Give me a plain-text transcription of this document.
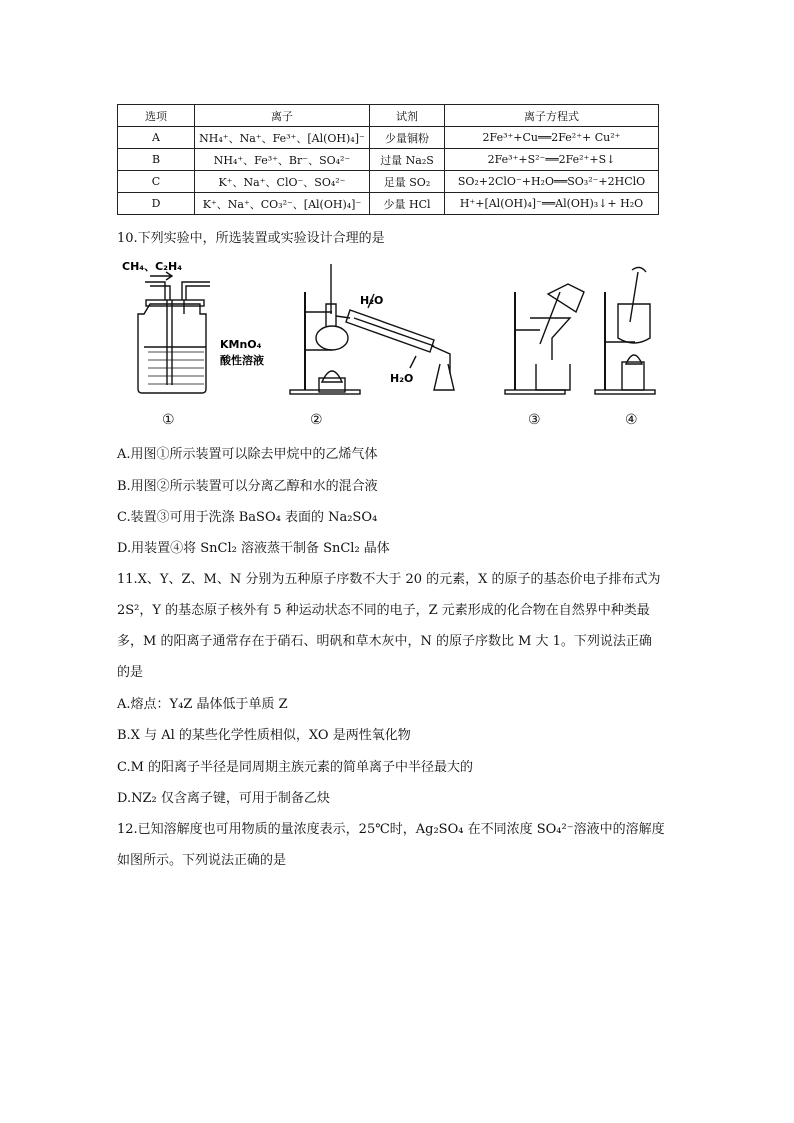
选项	离子	试剂	离子方程式
A	NH₄⁺、Na⁺、Fe³⁺、[Al(OH)₄]⁻	少量铜粉	2Fe³⁺+Cu══2Fe²⁺+ Cu²⁺
B	NH₄⁺、Fe³⁺、Br⁻、SO₄²⁻	过量 Na₂S	2Fe³⁺+S²⁻══2Fe²⁺+S↓
C	K⁺、Na⁺、ClO⁻、SO₄²⁻	足量 SO₂	SO₂+2ClO⁻+H₂O══SO₃²⁻+2HClO
D	K⁺、Na⁺、CO₃²⁻、[Al(OH)₄]⁻	少量 HCl	H⁺+[Al(OH)₄]⁻══Al(OH)₃↓+ H₂O
10.下列实验中，所选装置或实验设计合理的是
CH₄、C₂H₄
KMnO₄
酸性溶液
H₂O
H₂O
①	②	③	④
A.用图①所示装置可以除去甲烷中的乙烯气体
B.用图②所示装置可以分离乙醇和水的混合液
C.装置③可用于洗涤 BaSO₄ 表面的 Na₂SO₄
D.用装置④将 SnCl₂ 溶液蒸干制备 SnCl₂ 晶体
11.X、Y、Z、M、N 分别为五种原子序数不大于 20 的元素，X 的原子的基态价电子排布式为
2S²，Y 的基态原子核外有 5 种运动状态不同的电子，Z 元素形成的化合物在自然界中种类最
多，M 的阳离子通常存在于硝石、明矾和草木灰中，N 的原子序数比 M 大 1。下列说法正确
的是
A.熔点：Y₄Z 晶体低于单质 Z
B.X 与 Al 的某些化学性质相似，XO 是两性氧化物
C.M 的阳离子半径是同周期主族元素的简单离子中半径最大的
D.NZ₂ 仅含离子键，可用于制备乙炔
12.已知溶解度也可用物质的量浓度表示，25℃时，Ag₂SO₄ 在不同浓度 SO₄²⁻溶液中的溶解度
如图所示。下列说法正确的是
